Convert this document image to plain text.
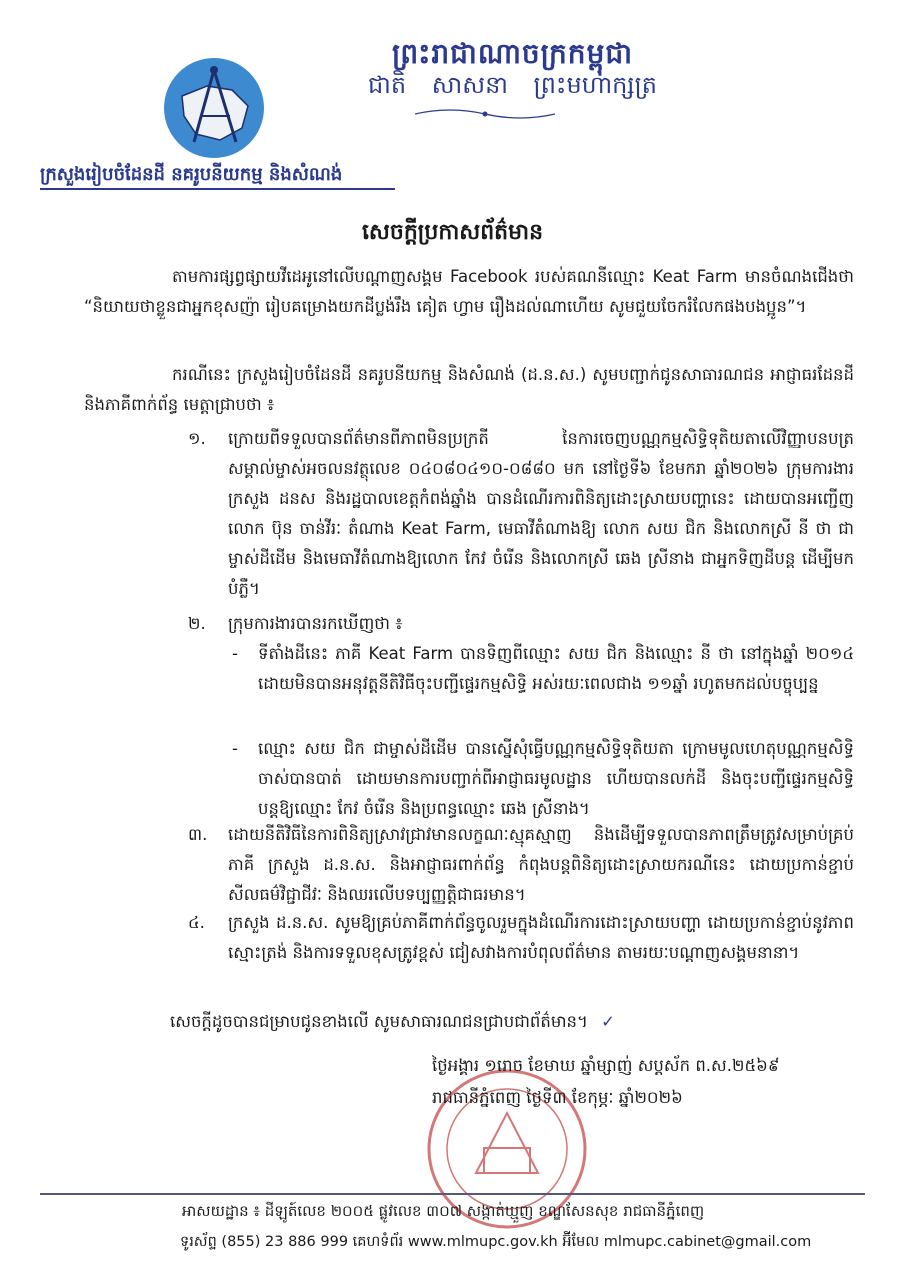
ព្រះរាជាណាចក្រកម្ពុជា
ជាតិ សាសនា ព្រះមហាក្សត្រ
ក្រសួងរៀបចំដែនដី នគរូបនីយកម្ម និងសំណង់
សេចក្តីប្រកាសព័ត៌មាន
តាមការផ្សព្វផ្សាយវីដេអូនៅលើបណ្តាញសង្គម Facebook របស់គណនីឈ្មោះ Keat Farm មានចំណងជើងថា “និយាយថាខ្លួនជាអ្នកខុសញ៉ា រៀបគម្រោងយកដីប្លង់រឹង គៀត ហ្វាម រឿងដល់ណាហើយ សូមជួយចែករំលែកផងបងប្អូន”។
ករណីនេះ ក្រសួងរៀបចំដែនដី នគរូបនីយកម្ម និងសំណង់ (ដ.ន.ស.) សូមបញ្ជាក់ជូនសាធារណជន អាជ្ញាធរដែនដី និងភាគីពាក់ព័ន្ធ មេត្តាជ្រាបថា ៖
១. ក្រោយពីទទួលបានព័ត៌មានពីភាពមិនប្រក្រតី នៃការចេញបណ្ណកម្មសិទ្ធិទុតិយតាលើវិញ្ញាបនបត្រសម្គាល់ម្ចាស់អចលនវត្ថុលេខ ០៤០៨០៤១០-០៨៨០ មក នៅថ្ងៃទី៦ ខែមករា ឆ្នាំ២០២៦ ក្រុមការងារក្រសួង ដនស និងរដ្ឋបាលខេត្តកំពង់ឆ្នាំង បានដំណើរការពិនិត្យដោះស្រាយបញ្ហានេះ ដោយបានអញ្ជើញ លោក ប៊ុន ចាន់វីរៈ តំណាង Keat Farm, មេធាវីតំណាងឱ្យ លោក សយ ជិក និងលោកស្រី នី ថា ជាម្ចាស់ដីដើម និងមេធាវីតំណាងឱ្យលោក កែវ ចំរើន និងលោកស្រី ឆេង ស្រីនាង ជាអ្នកទិញដីបន្ត ដើម្បីមកបំភ្លឺ។
២. ក្រុមការងារបានរកឃើញថា ៖
- ទីតាំងដីនេះ ភាគី Keat Farm បានទិញពីឈ្មោះ សយ ជិក និងឈ្មោះ នី ថា នៅក្នុងឆ្នាំ ២០១៤ ដោយមិនបានអនុវត្តនីតិវិធីចុះបញ្ជីផ្ទេរកម្មសិទ្ធិ អស់រយៈពេលជាង ១១ឆ្នាំ រហូតមកដល់បច្ចុប្បន្ន
- ឈ្មោះ សយ ជិក ជាម្ចាស់ដីដើម បានស្នើសុំធ្វើបណ្ណកម្មសិទ្ធិទុតិយតា ក្រោមមូលហេតុបណ្ណកម្មសិទ្ធិចាស់បានបាត់ ដោយមានការបញ្ជាក់ពីអាជ្ញាធរមូលដ្ឋាន ហើយបានលក់ដី និងចុះបញ្ជីផ្ទេរកម្មសិទ្ធិបន្តឱ្យឈ្មោះ កែវ ចំរើន និងប្រពន្ធឈ្មោះ ឆេង ស្រីនាង។
៣. ដោយនីតិវិធីនៃការពិនិត្យស្រាវជ្រាវមានលក្ខណៈស្មុគស្មាញ និងដើម្បីទទួលបានភាពត្រឹមត្រូវសម្រាប់គ្រប់ភាគី ក្រសួង ដ.ន.ស. និងអាជ្ញាធរពាក់ព័ន្ធ កំពុងបន្តពិនិត្យដោះស្រាយករណីនេះ ដោយប្រកាន់ខ្ជាប់សីលធម៌វិជ្ជាជីវៈ និងឈរលើបទប្បញ្ញត្តិជាធរមាន។
៤. ក្រសួង ដ.ន.ស. សូមឱ្យគ្រប់ភាគីពាក់ព័ន្ធចូលរួមក្នុងដំណើរការដោះស្រាយបញ្ហា ដោយប្រកាន់ខ្ជាប់នូវភាពស្មោះត្រង់ និងការទទួលខុសត្រូវខ្ពស់ ជៀសវាងការបំពុលព័ត៌មាន តាមរយៈបណ្តាញសង្គមនានា។
សេចក្តីដូចបានជម្រាបជូនខាងលើ សូមសាធារណជនជ្រាបជាព័ត៌មាន។ ✓
ថ្ងៃអង្គារ ១រោច ខែមាឃ ឆ្នាំម្សាញ់ សប្តស័ក ព.ស.២៥៦៩
រាជធានីភ្នំពេញ ថ្ងៃទី៣ ខែកុម្ភៈ ឆ្នាំ២០២៦
អាសយដ្ឋាន ៖ ដីឡូត៍លេខ ២០០៥ ផ្លូវលេខ ៣០៧ សង្កាត់ឃ្មួញ ខណ្ឌសែនសុខ រាជធានីភ្នំពេញ
ទូរស័ព្ទ (855) 23 886 999 គេហទំព័រ www.mlmupc.gov.kh អ៊ីមែល mlmupc.cabinet@gmail.com
